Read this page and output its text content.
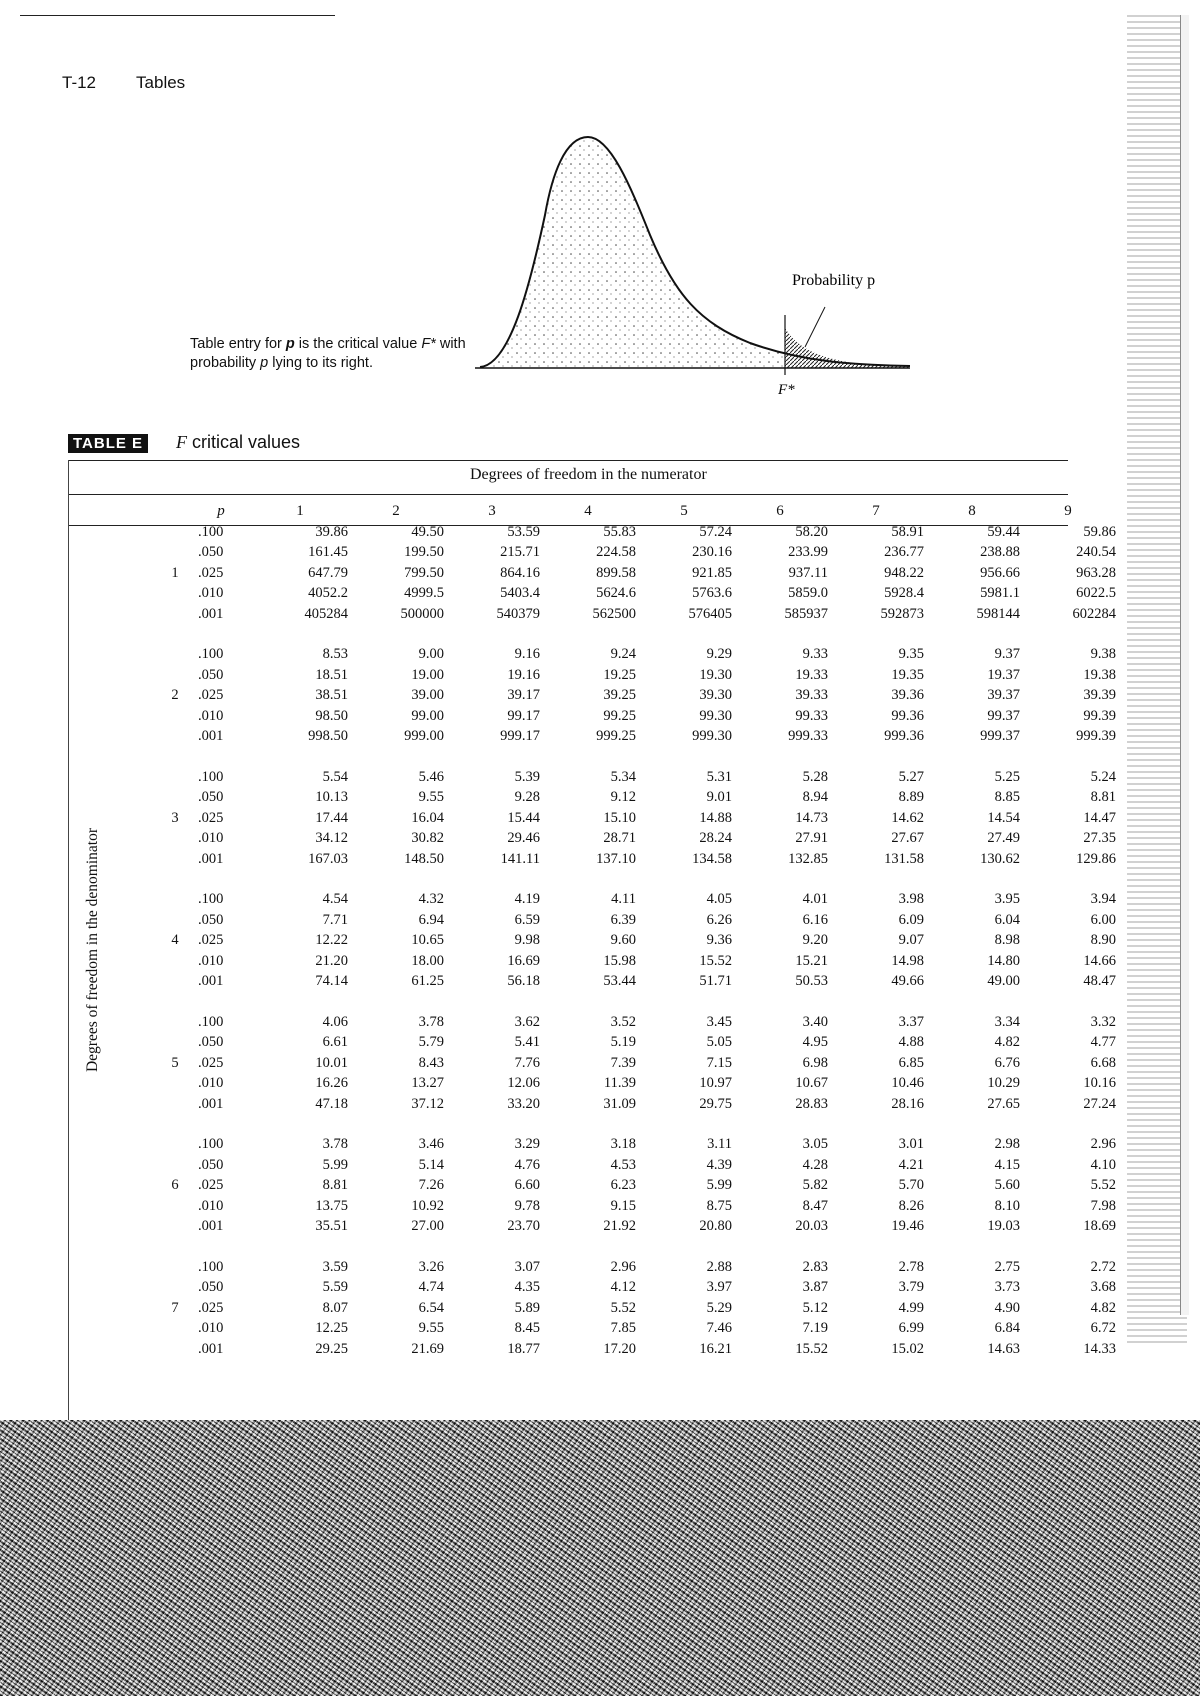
T-12 Tables
Probability p
F*
Table entry for p is the critical value F* with probability p lying to its right.
TABLE E F critical values
Degrees of freedom in the numerator
Degrees of freedom in the denominator
	p	1	2	3	4	5	6	7	8	9
	.100	39.86	49.50	53.59	55.83	57.24	58.20	58.91	59.44	59.86
	.050	161.45	199.50	215.71	224.58	230.16	233.99	236.77	238.88	240.54
1	.025	647.79	799.50	864.16	899.58	921.85	937.11	948.22	956.66	963.28
	.010	4052.2	4999.5	5403.4	5624.6	5763.6	5859.0	5928.4	5981.1	6022.5
	.001	405284	500000	540379	562500	576405	585937	592873	598144	602284

	.100	8.53	9.00	9.16	9.24	9.29	9.33	9.35	9.37	9.38
	.050	18.51	19.00	19.16	19.25	19.30	19.33	19.35	19.37	19.38
2	.025	38.51	39.00	39.17	39.25	39.30	39.33	39.36	39.37	39.39
	.010	98.50	99.00	99.17	99.25	99.30	99.33	99.36	99.37	99.39
	.001	998.50	999.00	999.17	999.25	999.30	999.33	999.36	999.37	999.39

	.100	5.54	5.46	5.39	5.34	5.31	5.28	5.27	5.25	5.24
	.050	10.13	9.55	9.28	9.12	9.01	8.94	8.89	8.85	8.81
3	.025	17.44	16.04	15.44	15.10	14.88	14.73	14.62	14.54	14.47
	.010	34.12	30.82	29.46	28.71	28.24	27.91	27.67	27.49	27.35
	.001	167.03	148.50	141.11	137.10	134.58	132.85	131.58	130.62	129.86

	.100	4.54	4.32	4.19	4.11	4.05	4.01	3.98	3.95	3.94
	.050	7.71	6.94	6.59	6.39	6.26	6.16	6.09	6.04	6.00
4	.025	12.22	10.65	9.98	9.60	9.36	9.20	9.07	8.98	8.90
	.010	21.20	18.00	16.69	15.98	15.52	15.21	14.98	14.80	14.66
	.001	74.14	61.25	56.18	53.44	51.71	50.53	49.66	49.00	48.47

	.100	4.06	3.78	3.62	3.52	3.45	3.40	3.37	3.34	3.32
	.050	6.61	5.79	5.41	5.19	5.05	4.95	4.88	4.82	4.77
5	.025	10.01	8.43	7.76	7.39	7.15	6.98	6.85	6.76	6.68
	.010	16.26	13.27	12.06	11.39	10.97	10.67	10.46	10.29	10.16
	.001	47.18	37.12	33.20	31.09	29.75	28.83	28.16	27.65	27.24

	.100	3.78	3.46	3.29	3.18	3.11	3.05	3.01	2.98	2.96
	.050	5.99	5.14	4.76	4.53	4.39	4.28	4.21	4.15	4.10
6	.025	8.81	7.26	6.60	6.23	5.99	5.82	5.70	5.60	5.52
	.010	13.75	10.92	9.78	9.15	8.75	8.47	8.26	8.10	7.98
	.001	35.51	27.00	23.70	21.92	20.80	20.03	19.46	19.03	18.69

	.100	3.59	3.26	3.07	2.96	2.88	2.83	2.78	2.75	2.72
	.050	5.59	4.74	4.35	4.12	3.97	3.87	3.79	3.73	3.68
7	.025	8.07	6.54	5.89	5.52	5.29	5.12	4.99	4.90	4.82
	.010	12.25	9.55	8.45	7.85	7.46	7.19	6.99	6.84	6.72
	.001	29.25	21.69	18.77	17.20	16.21	15.52	15.02	14.63	14.33
